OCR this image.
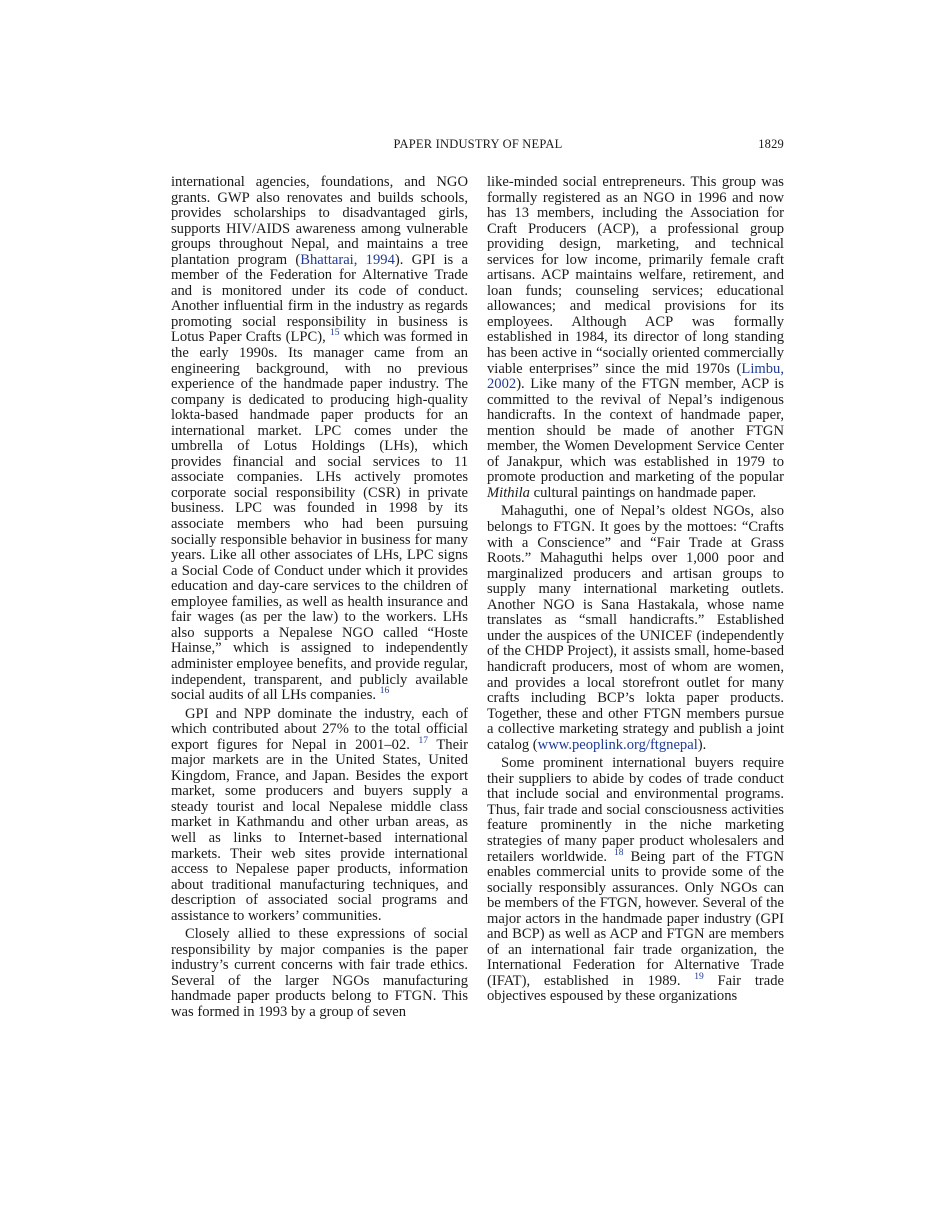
PAPER INDUSTRY OF NEPAL	1829

international agencies, foundations, and NGO grants. GWP also renovates and builds schools, provides scholarships to disadvantaged girls, supports HIV/AIDS awareness among vulnerable groups throughout Nepal, and maintains a tree plantation program (Bhattarai, 1994). GPI is a member of the Federation for Alternative Trade and is monitored under its code of conduct. Another influential firm in the industry as regards promoting social responsibility in business is Lotus Paper Crafts (LPC), $^{15}$ which was formed in the early 1990s. Its manager came from an engineering background, with no previous experience of the handmade paper industry. The company is dedicated to producing high-quality lokta-based handmade paper products for an international market. LPC comes under the umbrella of Lotus Holdings (LHs), which provides financial and social services to 11 associate companies. LHs actively promotes corporate social responsibility (CSR) in private business. LPC was founded in 1998 by its associate members who had been pursuing socially responsible behavior in business for many years. Like all other associates of LHs, LPC signs a Social Code of Conduct under which it provides education and day-care services to the children of employee families, as well as health insurance and fair wages (as per the law) to the workers. LHs also supports a Nepalese NGO called “Hoste Hainse,” which is assigned to independently administer employee benefits, and provide regular, independent, transparent, and publicly available social audits of all LHs companies. $^{16}$

GPI and NPP dominate the industry, each of which contributed about 27% to the total official export figures for Nepal in 2001–02. $^{17}$ Their major markets are in the United States, United Kingdom, France, and Japan. Besides the export market, some producers and buyers supply a steady tourist and local Nepalese middle class market in Kathmandu and other urban areas, as well as links to Internet-based international markets. Their web sites provide international access to Nepalese paper products, information about traditional manufacturing techniques, and description of associated social programs and assistance to workers’ communities.

Closely allied to these expressions of social responsibility by major companies is the paper industry’s current concerns with fair trade ethics. Several of the larger NGOs manufacturing handmade paper products belong to FTGN. This was formed in 1993 by a group of seven

like-minded social entrepreneurs. This group was formally registered as an NGO in 1996 and now has 13 members, including the Association for Craft Producers (ACP), a professional group providing design, marketing, and technical services for low income, primarily female craft artisans. ACP maintains welfare, retirement, and loan funds; counseling services; educational allowances; and medical provisions for its employees. Although ACP was formally established in 1984, its director of long standing has been active in “socially oriented commercially viable enterprises” since the mid 1970s (Limbu, 2002). Like many of the FTGN member, ACP is committed to the revival of Nepal’s indigenous handicrafts. In the context of handmade paper, mention should be made of another FTGN member, the Women Development Service Center of Janakpur, which was established in 1979 to promote production and marketing of the popular Mithila cultural paintings on handmade paper.

Mahaguthi, one of Nepal’s oldest NGOs, also belongs to FTGN. It goes by the mottoes: “Crafts with a Conscience” and “Fair Trade at Grass Roots.” Mahaguthi helps over 1,000 poor and marginalized producers and artisan groups to supply many international marketing outlets. Another NGO is Sana Hastakala, whose name translates as “small handicrafts.” Established under the auspices of the UNICEF (independently of the CHDP Project), it assists small, home-based handicraft producers, most of whom are women, and provides a local storefront outlet for many crafts including BCP’s lokta paper products. Together, these and other FTGN members pursue a collective marketing strategy and publish a joint catalog (www.peoplink.org/ftgnepal).

Some prominent international buyers require their suppliers to abide by codes of trade conduct that include social and environmental programs. Thus, fair trade and social consciousness activities feature prominently in the niche marketing strategies of many paper product wholesalers and retailers worldwide. $^{18}$ Being part of the FTGN enables commercial units to provide some of the socially responsibly assurances. Only NGOs can be members of the FTGN, however. Several of the major actors in the handmade paper industry (GPI and BCP) as well as ACP and FTGN are members of an international fair trade organization, the International Federation for Alternative Trade (IFAT), established in 1989. $^{19}$ Fair trade objectives espoused by these organizations
